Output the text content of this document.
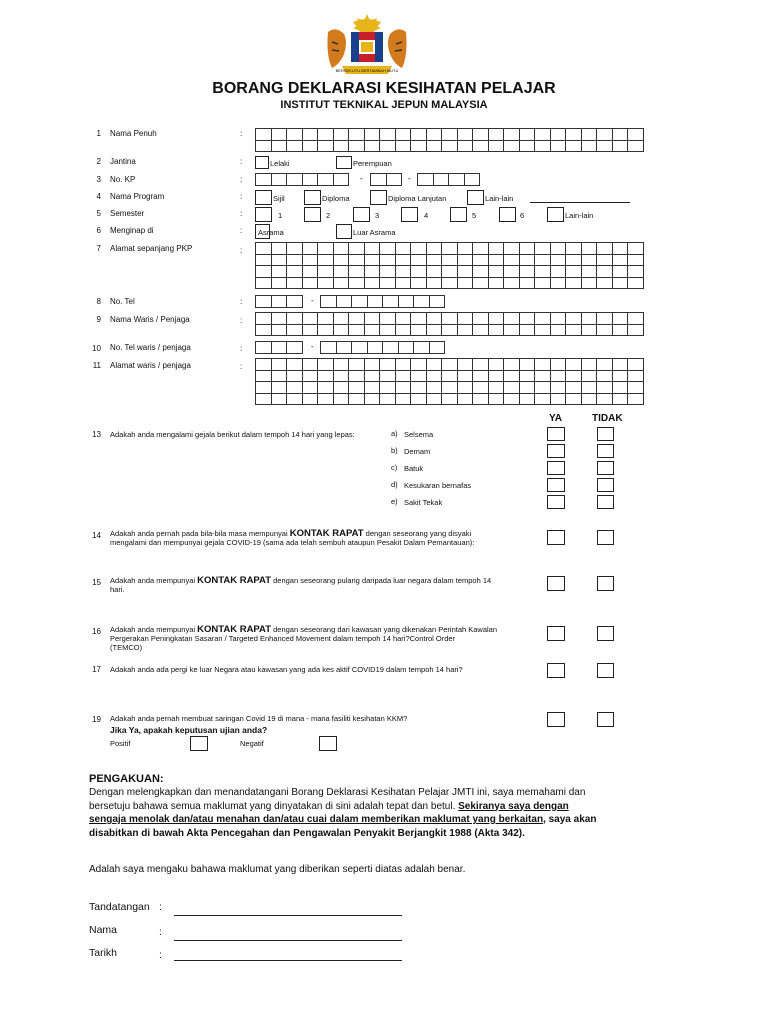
BERSEKUTU BERTAMBAH MUTU
BORANG DEKLARASI KESIHATAN PELAJAR
INSTITUT TEKNIKAL JEPUN MALAYSIA
1 Nama Penuh	:

2 Jantina	:	Lelaki	Perempuan
3 No. KP	:
						-
		-

4 Nama Program	:	Sijil	Diploma	Diploma Lanjutan	Lain-lain
5 Semester	:	1	2	3	4	5	6	Lain-lain
6 Menginap di	: Asrama	Luar Asrama
7 Alamat sepanjang PKP	:

8 No. Tel	:
			-

9 Nama Waris / Penjaga	:

10 No. Tel waris / penjaga	:
			-

11 Alamat waris / penjaga	:

YA	TIDAK
13 Adakah anda mengalami gejala berikut dalam tempoh 14 hari yang lepas:	a) Selsema
b) Demam
c) Batuk
d) Kesukaran bernafas
e) Sakit Tekak
14 Adakah anda pernah pada bila-bila masa mempunyai KONTAK RAPAT dengan seseorang yang disyaki
mengalami dan mempunyai gejala COVID-19 (sama ada telah sembuh ataupun Pesakit Dalam Pemantauan):
15 Adakah anda mempunyai KONTAK RAPAT dengan seseorang pulang daripada luar negara dalam tempoh 14
hari.
16 Adakah anda mempunyai KONTAK RAPAT dengan seseorang dari kawasan yang dikenakan Perintah Kawalan
Pergerakan Peningkatan Sasaran / Targeted Enhanced Movement dalam tempoh 14 hari?Control Order
(TEMCO)
17 Adakah anda ada pergi ke luar Negara atau kawasan yang ada kes aktif COVID19 dalam tempoh 14 hari?
19 Adakah anda pernah membuat saringan Covid 19 di mana - mana fasiliti kesihatan KKM?
Jika Ya, apakah keputusan ujian anda?
Positif	Negatif
PENGAKUAN:
Dengan melengkapkan dan menandatangani Borang Deklarasi Kesihatan Pelajar JMTI ini, saya memahami dan
bersetuju bahawa semua maklumat yang dinyatakan di sini adalah tepat dan betul. Sekiranya saya dengan
sengaja menolak dan/atau menahan dan/atau cuai dalam memberikan maklumat yang berkaitan, saya akan
disabitkan di bawah Akta Pencegahan dan Pengawalan Penyakit Berjangkit 1988 (Akta 342).
Adalah saya mengaku bahawa maklumat yang diberikan seperti diatas adalah benar.
Tandatangan :
Nama	:
Tarikh	:
